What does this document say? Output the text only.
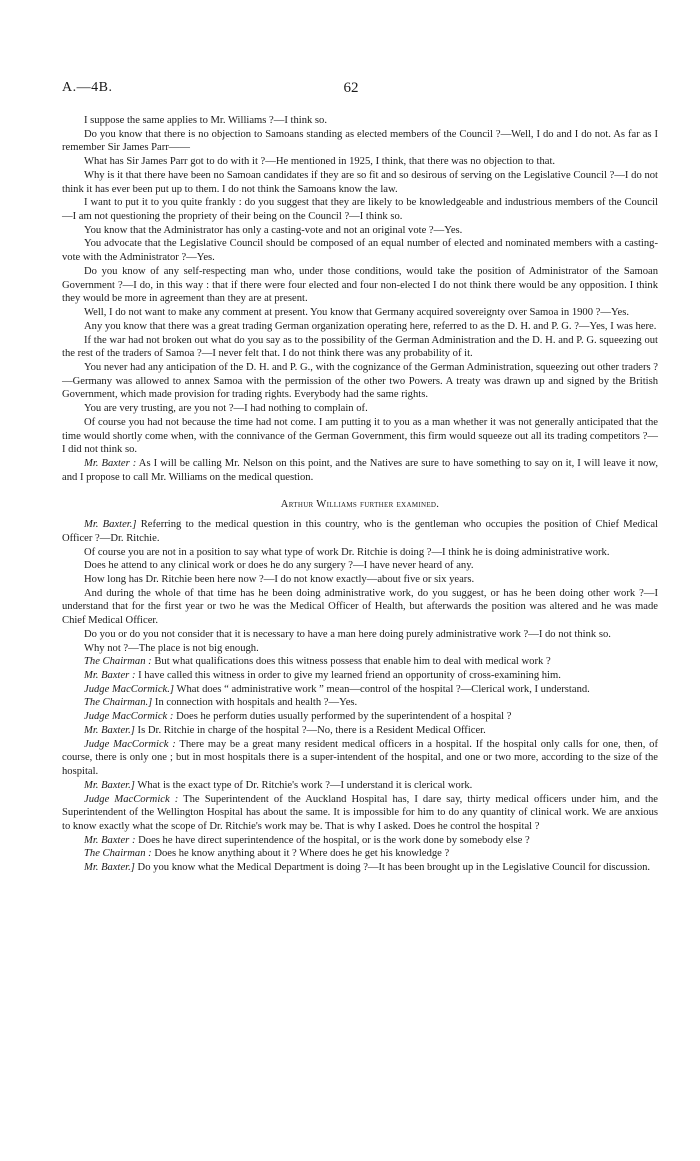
A.—4B.	62

I suppose the same applies to Mr. Williams ?—I think so.

Do you know that there is no objection to Samoans standing as elected members of the Council ?—Well, I do and I do not. As far as I remember Sir James Parr——

What has Sir James Parr got to do with it ?—He mentioned in 1925, I think, that there was no objection to that.

Why is it that there have been no Samoan candidates if they are so fit and so desirous of serving on the Legislative Council ?—I do not think it has ever been put up to them. I do not think the Samoans know the law.

I want to put it to you quite frankly : do you suggest that they are likely to be knowledgeable and industrious members of the Council—I am not questioning the propriety of their being on the Council ?—I think so.

You know that the Administrator has only a casting-vote and not an original vote ?—Yes.

You advocate that the Legislative Council should be composed of an equal number of elected and nominated members with a casting-vote with the Administrator ?—Yes.

Do you know of any self-respecting man who, under those conditions, would take the position of Administrator of the Samoan Government ?—I do, in this way : that if there were four elected and four non-elected I do not think there would be any opposition. I think they would be more in agreement than they are at present.

Well, I do not want to make any comment at present. You know that Germany acquired sovereignty over Samoa in 1900 ?—Yes.

Any you know that there was a great trading German organization operating here, referred to as the D. H. and P. G. ?—Yes, I was here.

If the war had not broken out what do you say as to the possibility of the German Administration and the D. H. and P. G. squeezing out the rest of the traders of Samoa ?—I never felt that. I do not think there was any probability of it.

You never had any anticipation of the D. H. and P. G., with the cognizance of the German Administration, squeezing out other traders ?—Germany was allowed to annex Samoa with the permission of the other two Powers. A treaty was drawn up and signed by the British Government, which made provision for trading rights. Everybody had the same rights.

You are very trusting, are you not ?—I had nothing to complain of.

Of course you had not because the time had not come. I am putting it to you as a man whether it was not generally anticipated that the time would shortly come when, with the connivance of the German Government, this firm would squeeze out all its trading competitors ?—I did not think so.

Mr. Baxter : As I will be calling Mr. Nelson on this point, and the Natives are sure to have something to say on it, I will leave it now, and I propose to call Mr. Williams on the medical question.

Arthur Williams further examined.

Mr. Baxter.] Referring to the medical question in this country, who is the gentleman who occupies the position of Chief Medical Officer ?—Dr. Ritchie.

Of course you are not in a position to say what type of work Dr. Ritchie is doing ?—I think he is doing administrative work.

Does he attend to any clinical work or does he do any surgery ?—I have never heard of any.

How long has Dr. Ritchie been here now ?—I do not know exactly—about five or six years.

And during the whole of that time has he been doing administrative work, do you suggest, or has he been doing other work ?—I understand that for the first year or two he was the Medical Officer of Health, but afterwards the position was altered and he was made Chief Medical Officer.

Do you or do you not consider that it is necessary to have a man here doing purely administrative work ?—I do not think so.

Why not ?—The place is not big enough.

The Chairman : But what qualifications does this witness possess that enable him to deal with medical work ?

Mr. Baxter : I have called this witness in order to give my learned friend an opportunity of cross-examining him.

Judge MacCormick.] What does “ administrative work ” mean—control of the hospital ?—Clerical work, I understand.

The Chairman.] In connection with hospitals and health ?—Yes.

Judge MacCormick : Does he perform duties usually performed by the superintendent of a hospital ?

Mr. Baxter.] Is Dr. Ritchie in charge of the hospital ?—No, there is a Resident Medical Officer.

Judge MacCormick : There may be a great many resident medical officers in a hospital. If the hospital only calls for one, then, of course, there is only one ; but in most hospitals there is a super-intendent of the hospital, and one or two more, according to the size of the hospital.

Mr. Baxter.] What is the exact type of Dr. Ritchie's work ?—I understand it is clerical work.

Judge MacCormick : The Superintendent of the Auckland Hospital has, I dare say, thirty medical officers under him, and the Superintendent of the Wellington Hospital has about the same. It is impossible for him to do any quantity of clinical work. We are anxious to know exactly what the scope of Dr. Ritchie's work may be. That is why I asked. Does he control the hospital ?

Mr. Baxter : Does he have direct superintendence of the hospital, or is the work done by somebody else ?

The Chairman : Does he know anything about it ? Where does he get his knowledge ?

Mr. Baxter.] Do you know what the Medical Department is doing ?—It has been brought up in the Legislative Council for discussion.
